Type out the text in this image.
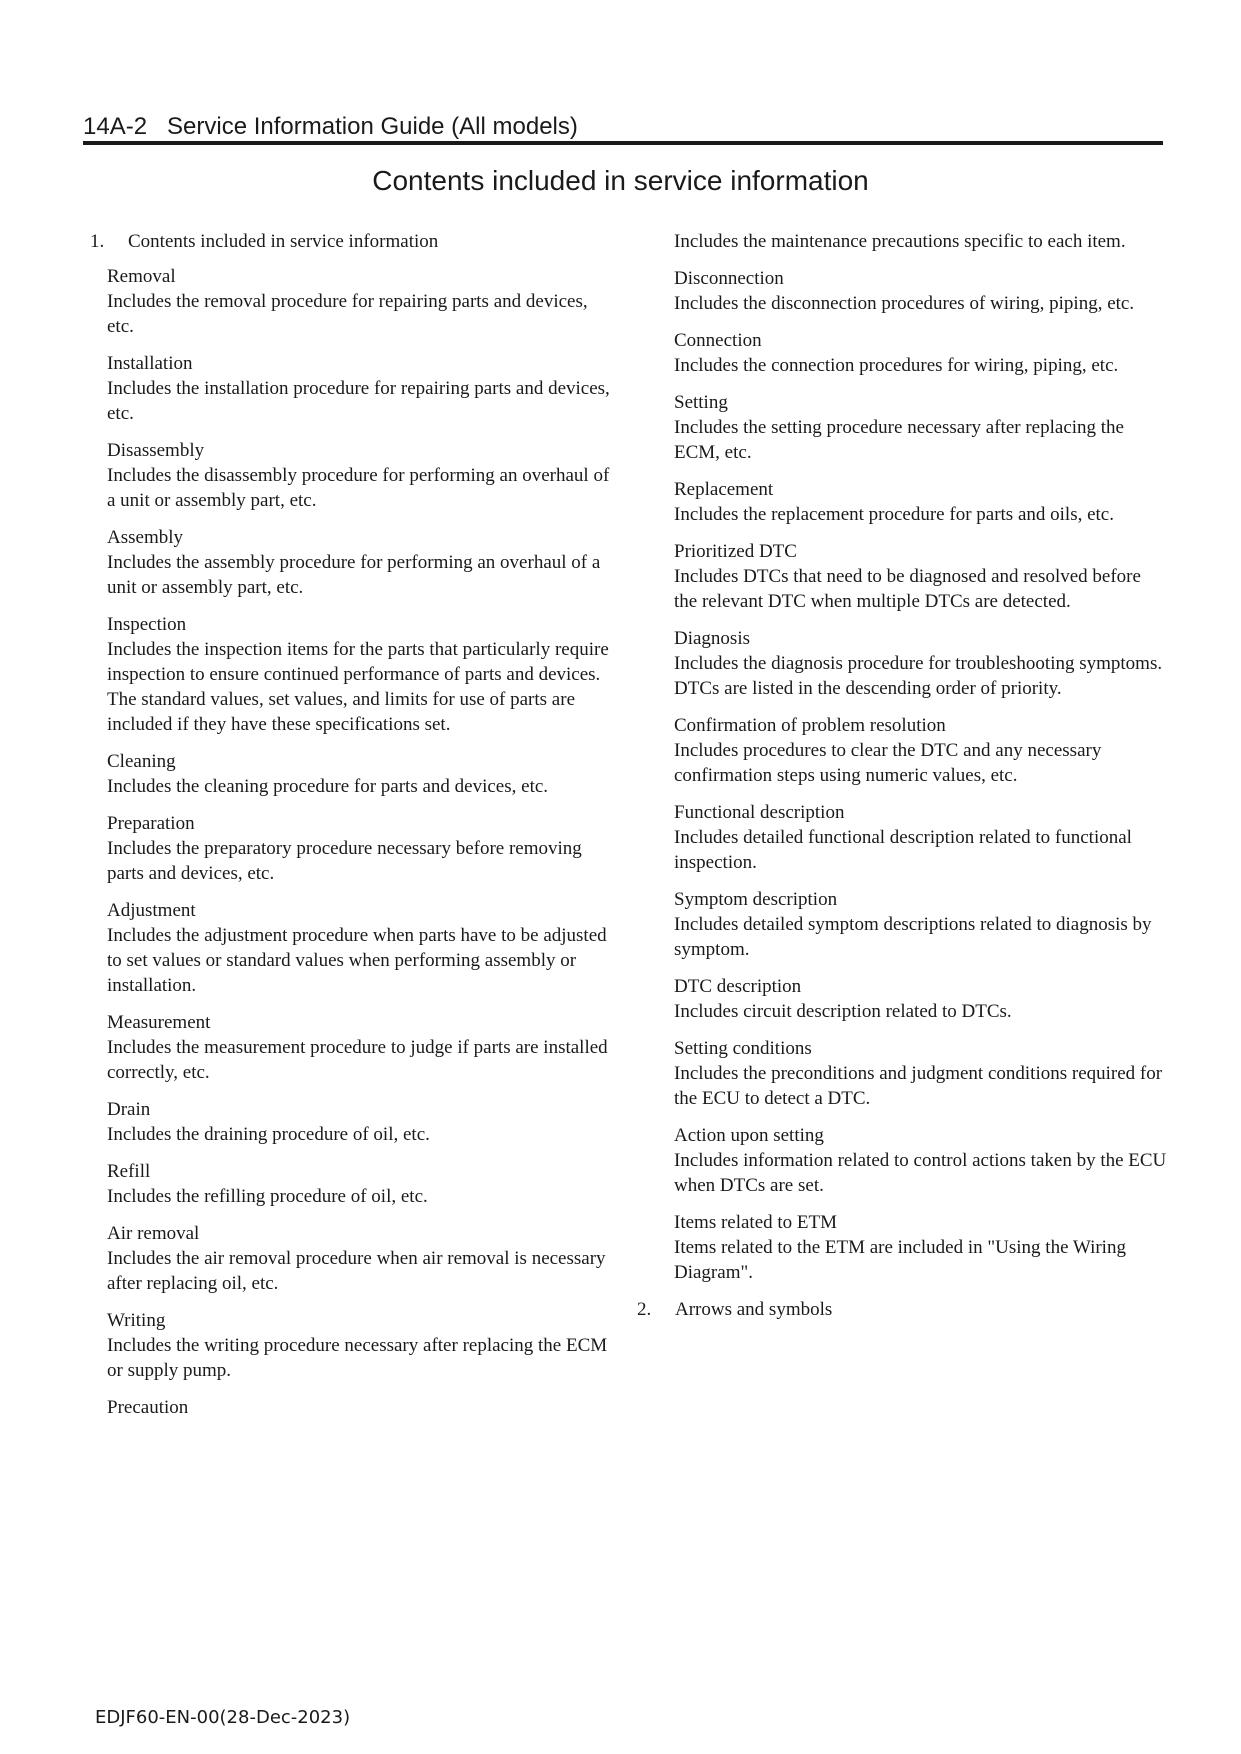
14A-2   Service Information Guide (All models)
Contents included in service information
1.	Contents included in service information

Removal

Includes the removal procedure for repairing parts and devices, etc.

Installation

Includes the installation procedure for repairing parts and devices, etc.

Disassembly

Includes the disassembly procedure for performing an overhaul of a unit or assembly part, etc.

Assembly

Includes the assembly procedure for performing an overhaul of a unit or assembly part, etc.

Inspection

Includes the inspection items for the parts that particularly require inspection to ensure continued performance of parts and devices.

The standard values, set values, and limits for use of parts are included if they have these specifications set.

Cleaning

Includes the cleaning procedure for parts and devices, etc.

Preparation

Includes the preparatory procedure necessary before removing parts and devices, etc.

Adjustment

Includes the adjustment procedure when parts have to be adjusted to set values or standard values when performing assembly or installation.

Measurement

Includes the measurement procedure to judge if parts are installed correctly, etc.

Drain

Includes the draining procedure of oil, etc.

Refill

Includes the refilling procedure of oil, etc.

Air removal

Includes the air removal procedure when air removal is necessary after replacing oil, etc.

Writing

Includes the writing procedure necessary after replacing the ECM or supply pump.

Precaution

Includes the maintenance precautions specific to each item.

Disconnection

Includes the disconnection procedures of wiring, piping, etc.

Connection

Includes the connection procedures for wiring, piping, etc.

Setting

Includes the setting procedure necessary after replacing the ECM, etc.

Replacement

Includes the replacement procedure for parts and oils, etc.

Prioritized DTC

Includes DTCs that need to be diagnosed and resolved before the relevant DTC when multiple DTCs are detected.

Diagnosis

Includes the diagnosis procedure for troubleshooting symptoms.

DTCs are listed in the descending order of priority.

Confirmation of problem resolution

Includes procedures to clear the DTC and any necessary confirmation steps using numeric values, etc.

Functional description

Includes detailed functional description related to functional inspection.

Symptom description

Includes detailed symptom descriptions related to diagnosis by symptom.

DTC description

Includes circuit description related to DTCs.

Setting conditions

Includes the preconditions and judgment conditions required for the ECU to detect a DTC.

Action upon setting

Includes information related to control actions taken by the ECU when DTCs are set.

Items related to ETM

Items related to the ETM are included in "Using the Wiring Diagram".

2.	Arrows and symbols
EDJF60-EN-00(28-Dec-2023)
